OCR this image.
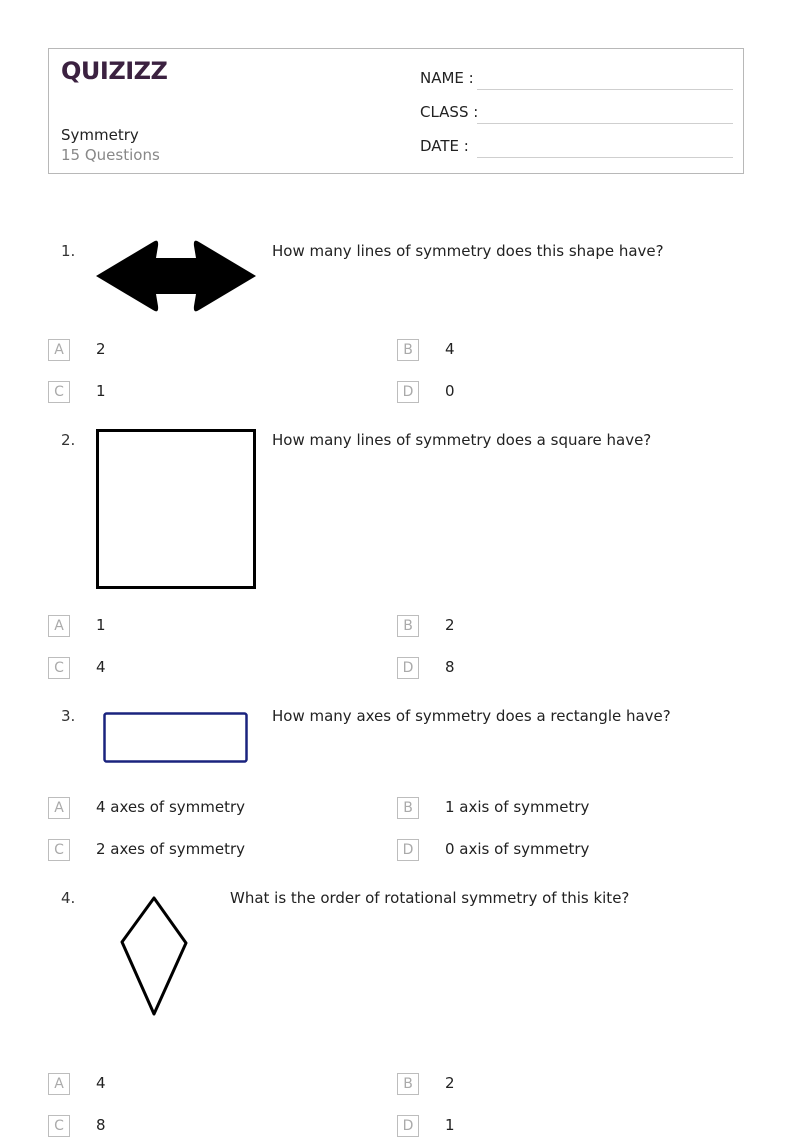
QUIZIZZ
Symmetry
15 Questions
NAME :
CLASS :
DATE :
1.	How many lines of symmetry does this shape have?
A	2	B	4
C	1	D	0
2.	How many lines of symmetry does a square have?
A	1	B	2
C	4	D	8
3.	How many axes of symmetry does a rectangle have?
A	4 axes of symmetry	B	1 axis of symmetry
C	2 axes of symmetry	D	0 axis of symmetry
4.	What is the order of rotational symmetry of this kite?
A	4	B	2
C	8	D	1
